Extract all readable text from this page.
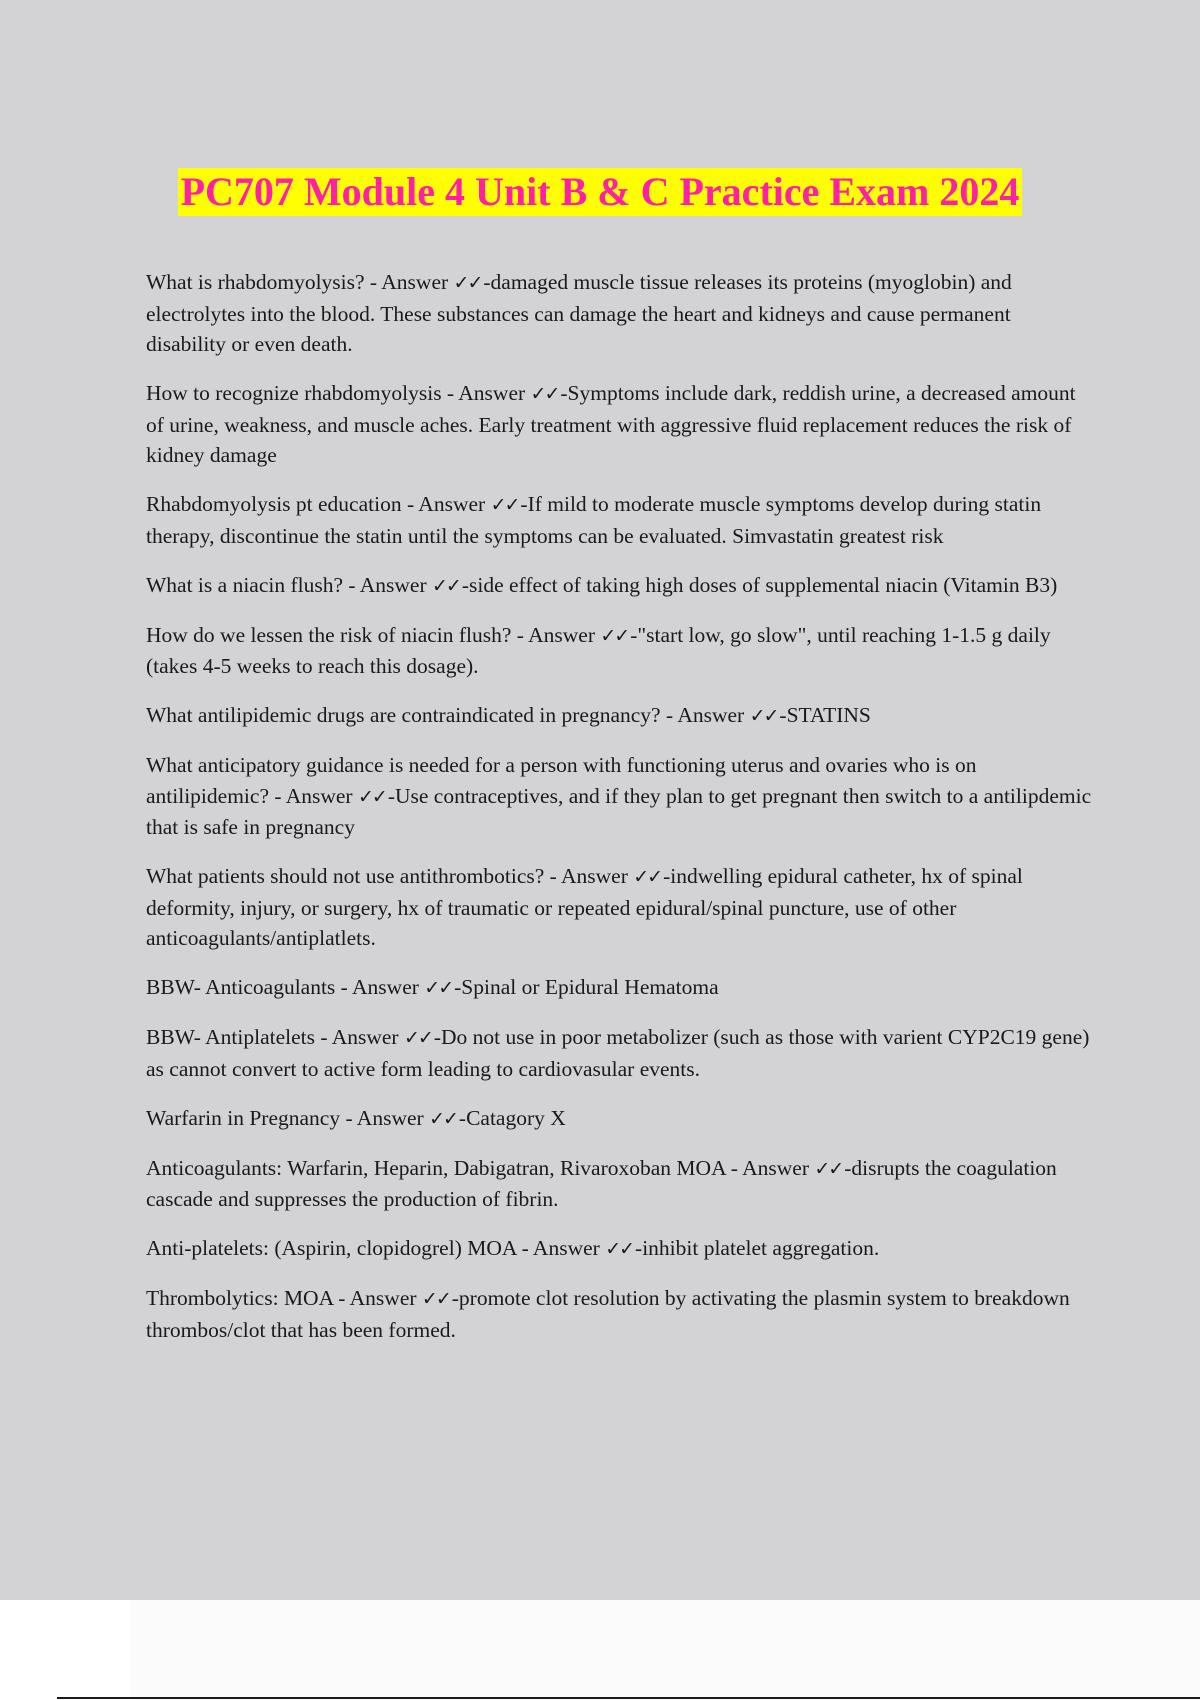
PC707 Module 4 Unit B & C Practice Exam 2024

What is rhabdomyolysis? - Answer ✓✓-damaged muscle tissue releases its proteins (myoglobin) and electrolytes into the blood. These substances can damage the heart and kidneys and cause permanent disability or even death.

How to recognize rhabdomyolysis - Answer ✓✓-Symptoms include dark, reddish urine, a decreased amount of urine, weakness, and muscle aches. Early treatment with aggressive fluid replacement reduces the risk of kidney damage

Rhabdomyolysis pt education - Answer ✓✓-If mild to moderate muscle symptoms develop during statin therapy, discontinue the statin until the symptoms can be evaluated. Simvastatin greatest risk

What is a niacin flush? - Answer ✓✓-side effect of taking high doses of supplemental niacin (Vitamin B3)

How do we lessen the risk of niacin flush? - Answer ✓✓-"start low, go slow", until reaching 1-1.5 g daily (takes 4-5 weeks to reach this dosage).

What antilipidemic drugs are contraindicated in pregnancy? - Answer ✓✓-STATINS

What anticipatory guidance is needed for a person with functioning uterus and ovaries who is on antilipidemic? - Answer ✓✓-Use contraceptives, and if they plan to get pregnant then switch to a antilipdemic that is safe in pregnancy

What patients should not use antithrombotics? - Answer ✓✓-indwelling epidural catheter, hx of spinal deformity, injury, or surgery, hx of traumatic or repeated epidural/spinal puncture, use of other anticoagulants/antiplatlets.

BBW- Anticoagulants - Answer ✓✓-Spinal or Epidural Hematoma

BBW- Antiplatelets - Answer ✓✓-Do not use in poor metabolizer (such as those with varient CYP2C19 gene) as cannot convert to active form leading to cardiovasular events.

Warfarin in Pregnancy - Answer ✓✓-Catagory X

Anticoagulants: Warfarin, Heparin, Dabigatran, Rivaroxoban MOA - Answer ✓✓-disrupts the coagulation cascade and suppresses the production of fibrin.

Anti-platelets: (Aspirin, clopidogrel) MOA - Answer ✓✓-inhibit platelet aggregation.

Thrombolytics: MOA - Answer ✓✓-promote clot resolution by activating the plasmin system to breakdown thrombos/clot that has been formed.
